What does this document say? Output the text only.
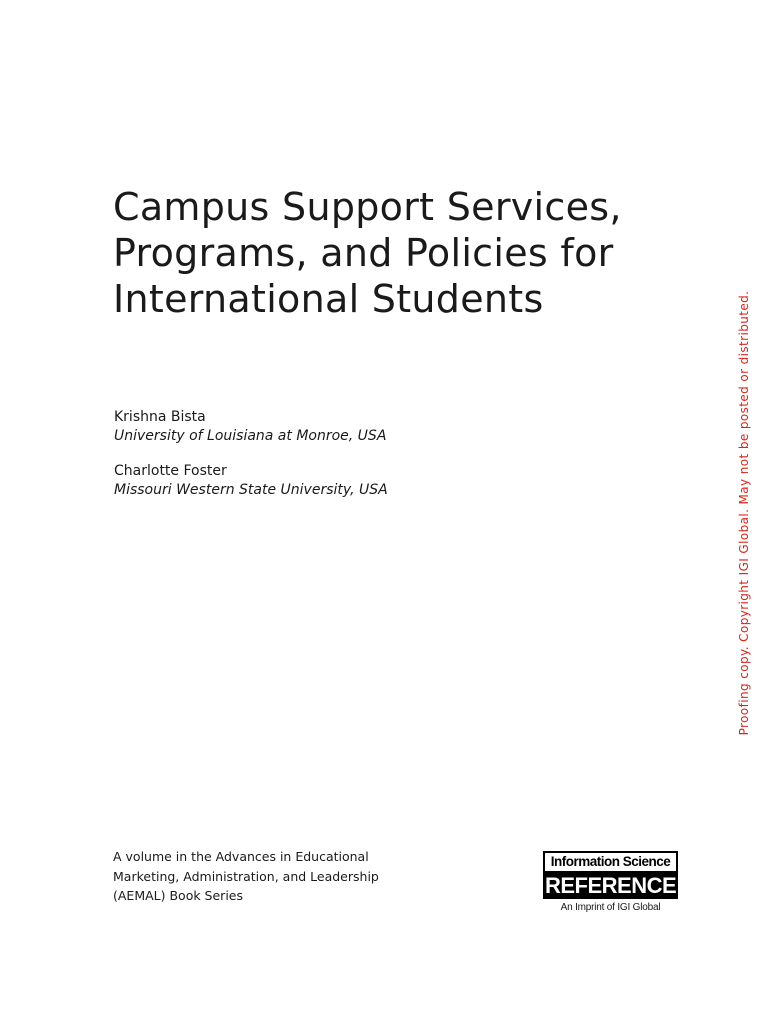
Campus Support Services,
Programs, and Policies for
International Students
Krishna Bista
University of Louisiana at Monroe, USA
Charlotte Foster
Missouri Western State University, USA	Proofing copy. Copyright IGI Global. May not be posted or distributed.
A volume in the Advances in Educational
Marketing, Administration, and Leadership
(AEMAL) Book Series
Information Science
REFERENCE
An Imprint of IGI Global
